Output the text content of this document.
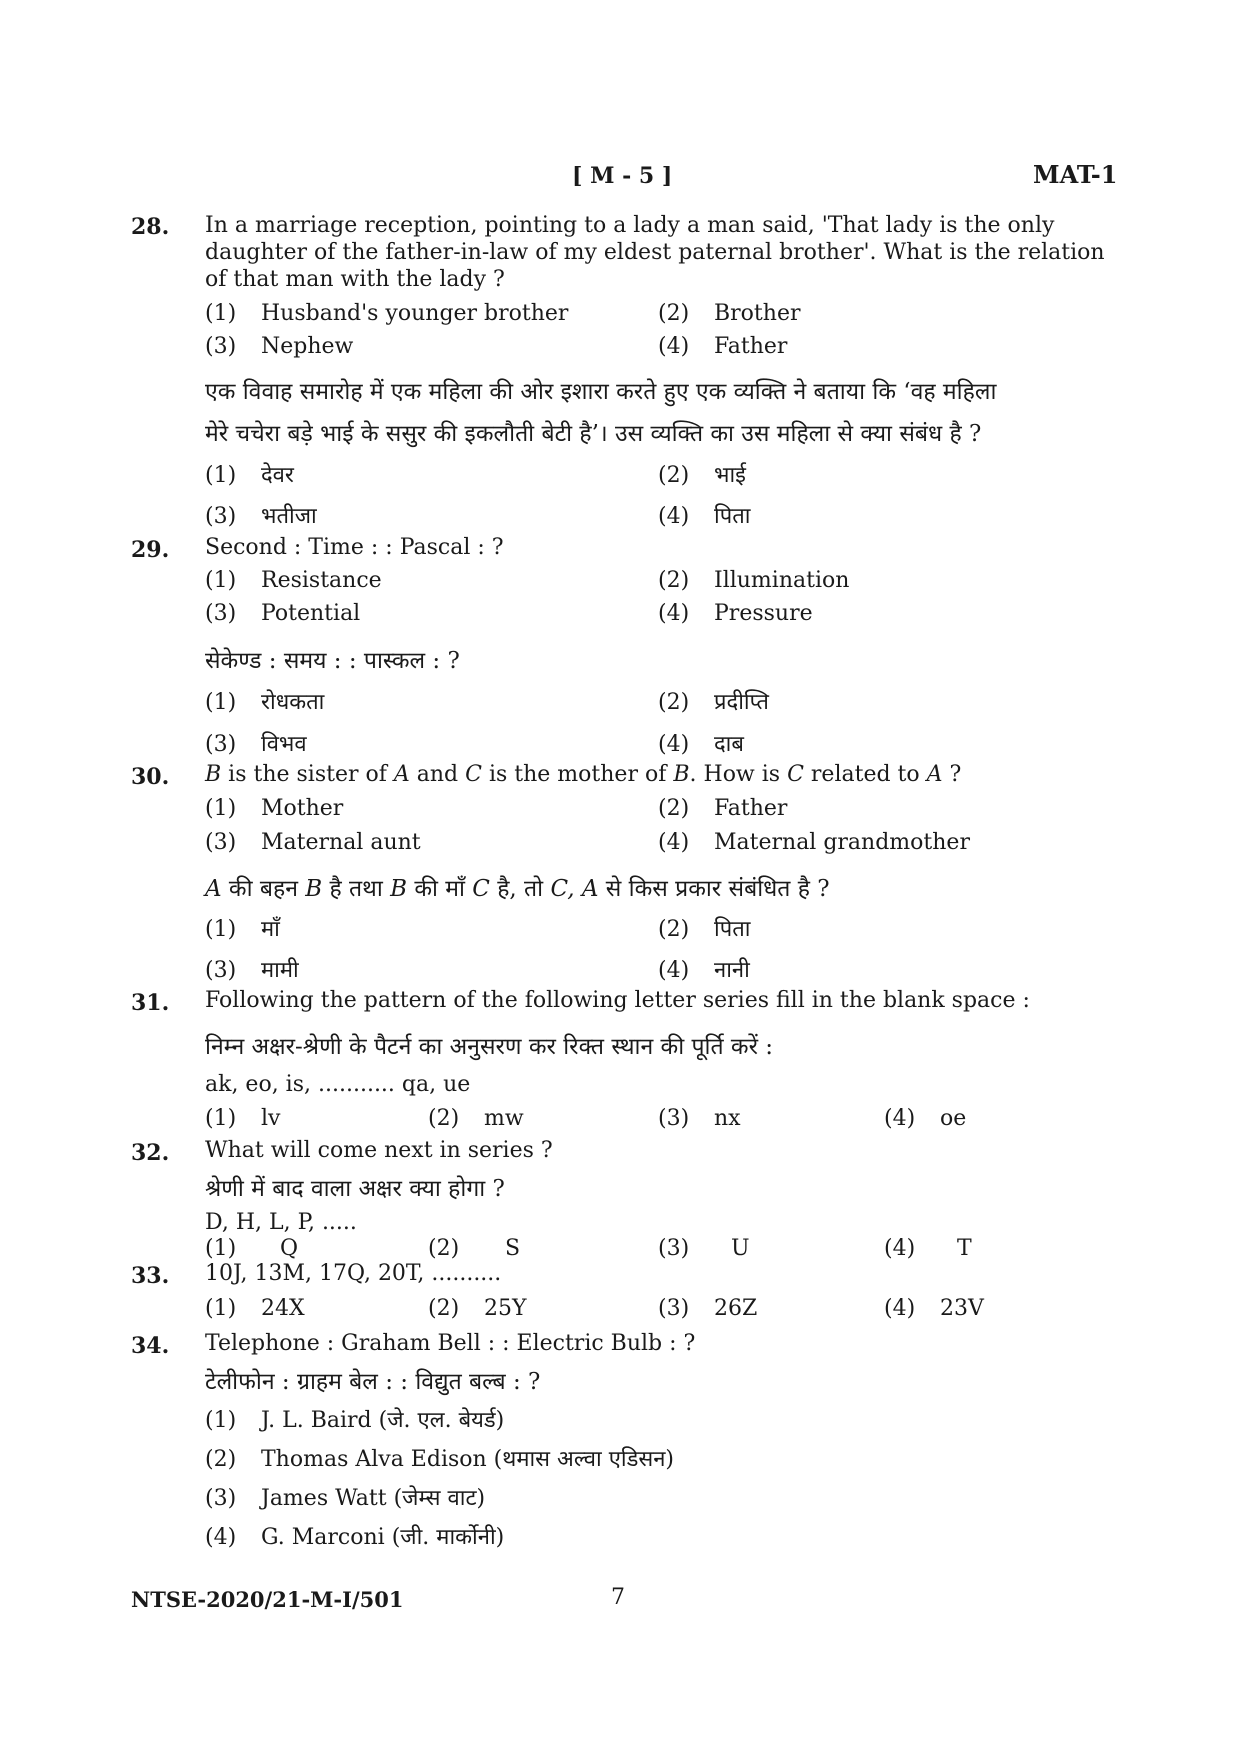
[ M - 5 ]	MAT-1
28. In a marriage reception, pointing to a lady a man said, 'That lady is the only daughter of the father-in-law of my eldest paternal brother'. What is the relation of that man with the lady ?
(1) Husband's younger brother	(2) Brother
(3) Nephew	(4) Father
एक विवाह समारोह में एक महिला की ओर इशारा करते हुए एक व्यक्ति ने बताया कि ‘वह महिला
मेरे चचेरा बड़े भाई के ससुर की इकलौती बेटी है’। उस व्यक्ति का उस महिला से क्या संबंध है ?
(1) देवर	(2) भाई
(3) भतीजा	(4) पिता
29. Second : Time : : Pascal : ?
(1) Resistance	(2) Illumination
(3) Potential	(4) Pressure
सेकेण्ड : समय : : पास्कल : ?
(1) रोधकता	(2) प्रदीप्ति
(3) विभव	(4) दाब
30. B is the sister of A and C is the mother of B. How is C related to A ?
(1) Mother	(2) Father
(3) Maternal aunt	(4) Maternal grandmother
A की बहन B है तथा B की माँ C है, तो C, A से किस प्रकार संबंधित है ?
(1) माँ	(2) पिता
(3) मामी	(4) नानी
31. Following the pattern of the following letter series fill in the blank space :
निम्न अक्षर-श्रेणी के पैटर्न का अनुसरण कर रिक्त स्थान की पूर्ति करें :
ak, eo, is, ........... qa, ue
(1) lv	(2) mw	(3) nx	(4) oe
32. What will come next in series ?
श्रेणी में बाद वाला अक्षर क्या होगा ?
D, H, L, P, .....
(1) Q	(2) S	(3) U	(4) T
33. 10J, 13M, 17Q, 20T, ..........
(1) 24X	(2) 25Y	(3) 26Z	(4) 23V
34. Telephone : Graham Bell : : Electric Bulb : ?
टेलीफोन : ग्राहम बेल : : विद्युत बल्ब : ?
(1) J. L. Baird (जे. एल. बेयर्ड)
(2) Thomas Alva Edison (थमास अल्वा एडिसन)
(3) James Watt (जेम्स वाट)
(4) G. Marconi (जी. मार्कोनी)
NTSE-2020/21-M-I/501	7
